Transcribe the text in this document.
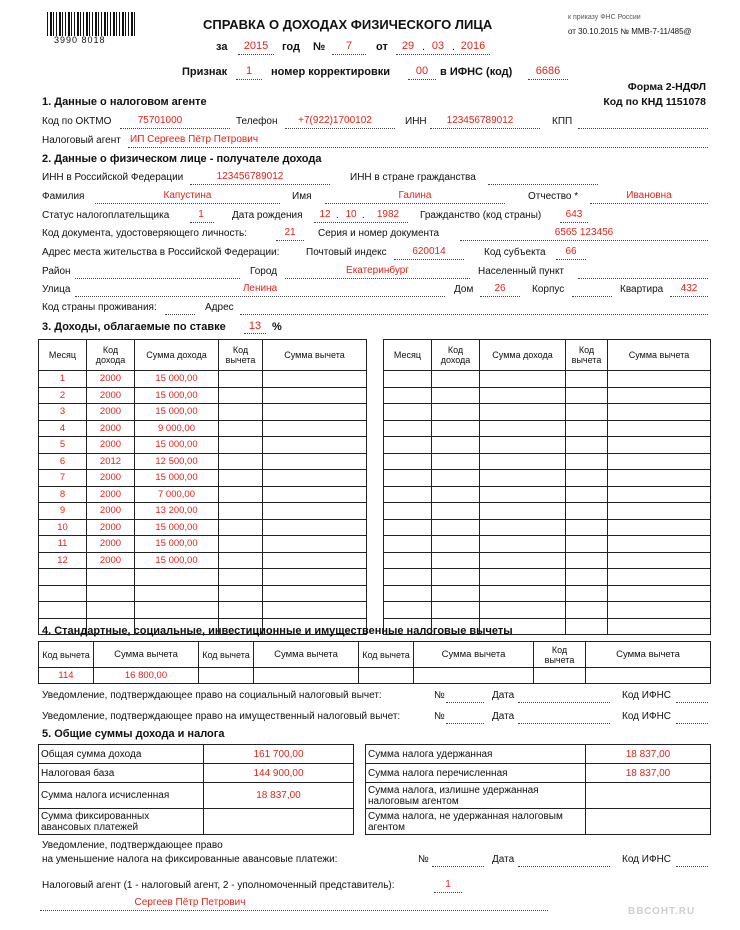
3990 8018
СПРАВКА О ДОХОДАХ ФИЗИЧЕСКОГО ЛИЦА	к приказу ФНС России
от 30.10.2015 № ММВ-7-11/485@
за	2015	год №	7	от	29 . 03 . 2016
Признак	1	номер корректировки	00	в ИФНС (код)	6686
Форма 2-НДФЛ
Код по КНД 1151078
1. Данные о налоговом агенте
Код по ОКТМО	75701000	Телефон	+7(922)1700102	ИНН	123456789012	КПП
Налоговый агент ИП Сергеев Пётр Петрович
2. Данные о физическом лице - получателе дохода
ИНН в Российской Федерации	123456789012	ИНН в стране гражданства
Фамилия	Капустина	Имя	Галина	Отчество *	Ивановна
Статус налогоплательщика	1	Дата рождения	12 . 10 .	1982	Гражданство (код страны)	643
Код документа, удостоверяющего личность:	21	Серия и номер документа	6565 123456
Адрес места жительства в Российской Федерации:	Почтовый индекс	620014	Код субъекта	66
Район	Город	Екатеринбург	Населенный пункт
Улица	Ленина	Дом	26	Корпус	Квартира	432
Код страны проживания:	Адрес
3. Доходы, облагаемые по ставке	13 %
Месяц	Код дохода	Сумма дохода	Код вычета	Сумма вычета
1	2000	15 000,00		
2	2000	15 000,00		
3	2000	15 000,00		
4	2000	9 000,00		
5	2000	15 000,00		
6	2012	12 500,00		
7	2000	15 000,00		
8	2000	7 000,00		
9	2000	13 200,00		
10	2000	15 000,00		
11	2000	15 000,00		
12	2000	15 000,00		

Месяц	Код дохода	Сумма дохода	Код вычета	Сумма вычета

4. Стандартные, социальные, инвестиционные и имущественные налоговые вычеты
Код вычета	Сумма вычета	Код вычета	Сумма вычета	Код вычета	Сумма вычета	Код вычета	Сумма вычета
114	16 800,00						
Уведомление, подтверждающее право на социальный налоговый вычет:	№	Дата	Код ИФНС
Уведомление, подтверждающее право на имущественный налоговый вычет:	№	Дата	Код ИФНС
5. Общие суммы дохода и налога
Общая сумма дохода	161 700,00		Сумма налога удержанная	18 837,00
Налоговая база	144 900,00		Сумма налога перечисленная	18 837,00
Сумма налога исчисленная	18 837,00		Сумма налога, излишне удержанная налоговым агентом	
Сумма фиксированных авансовых платежей			Сумма налога, не удержанная налоговым агентом	
Уведомление, подтверждающее право
на уменьшение налога на фиксированные авансовые платежи:	№	Дата	Код ИФНС
Налоговый агент (1 - налоговый агент, 2 - уполномоченный представитель):	1
Сергеев Пётр Петрович
ВВСОНТ.RU
